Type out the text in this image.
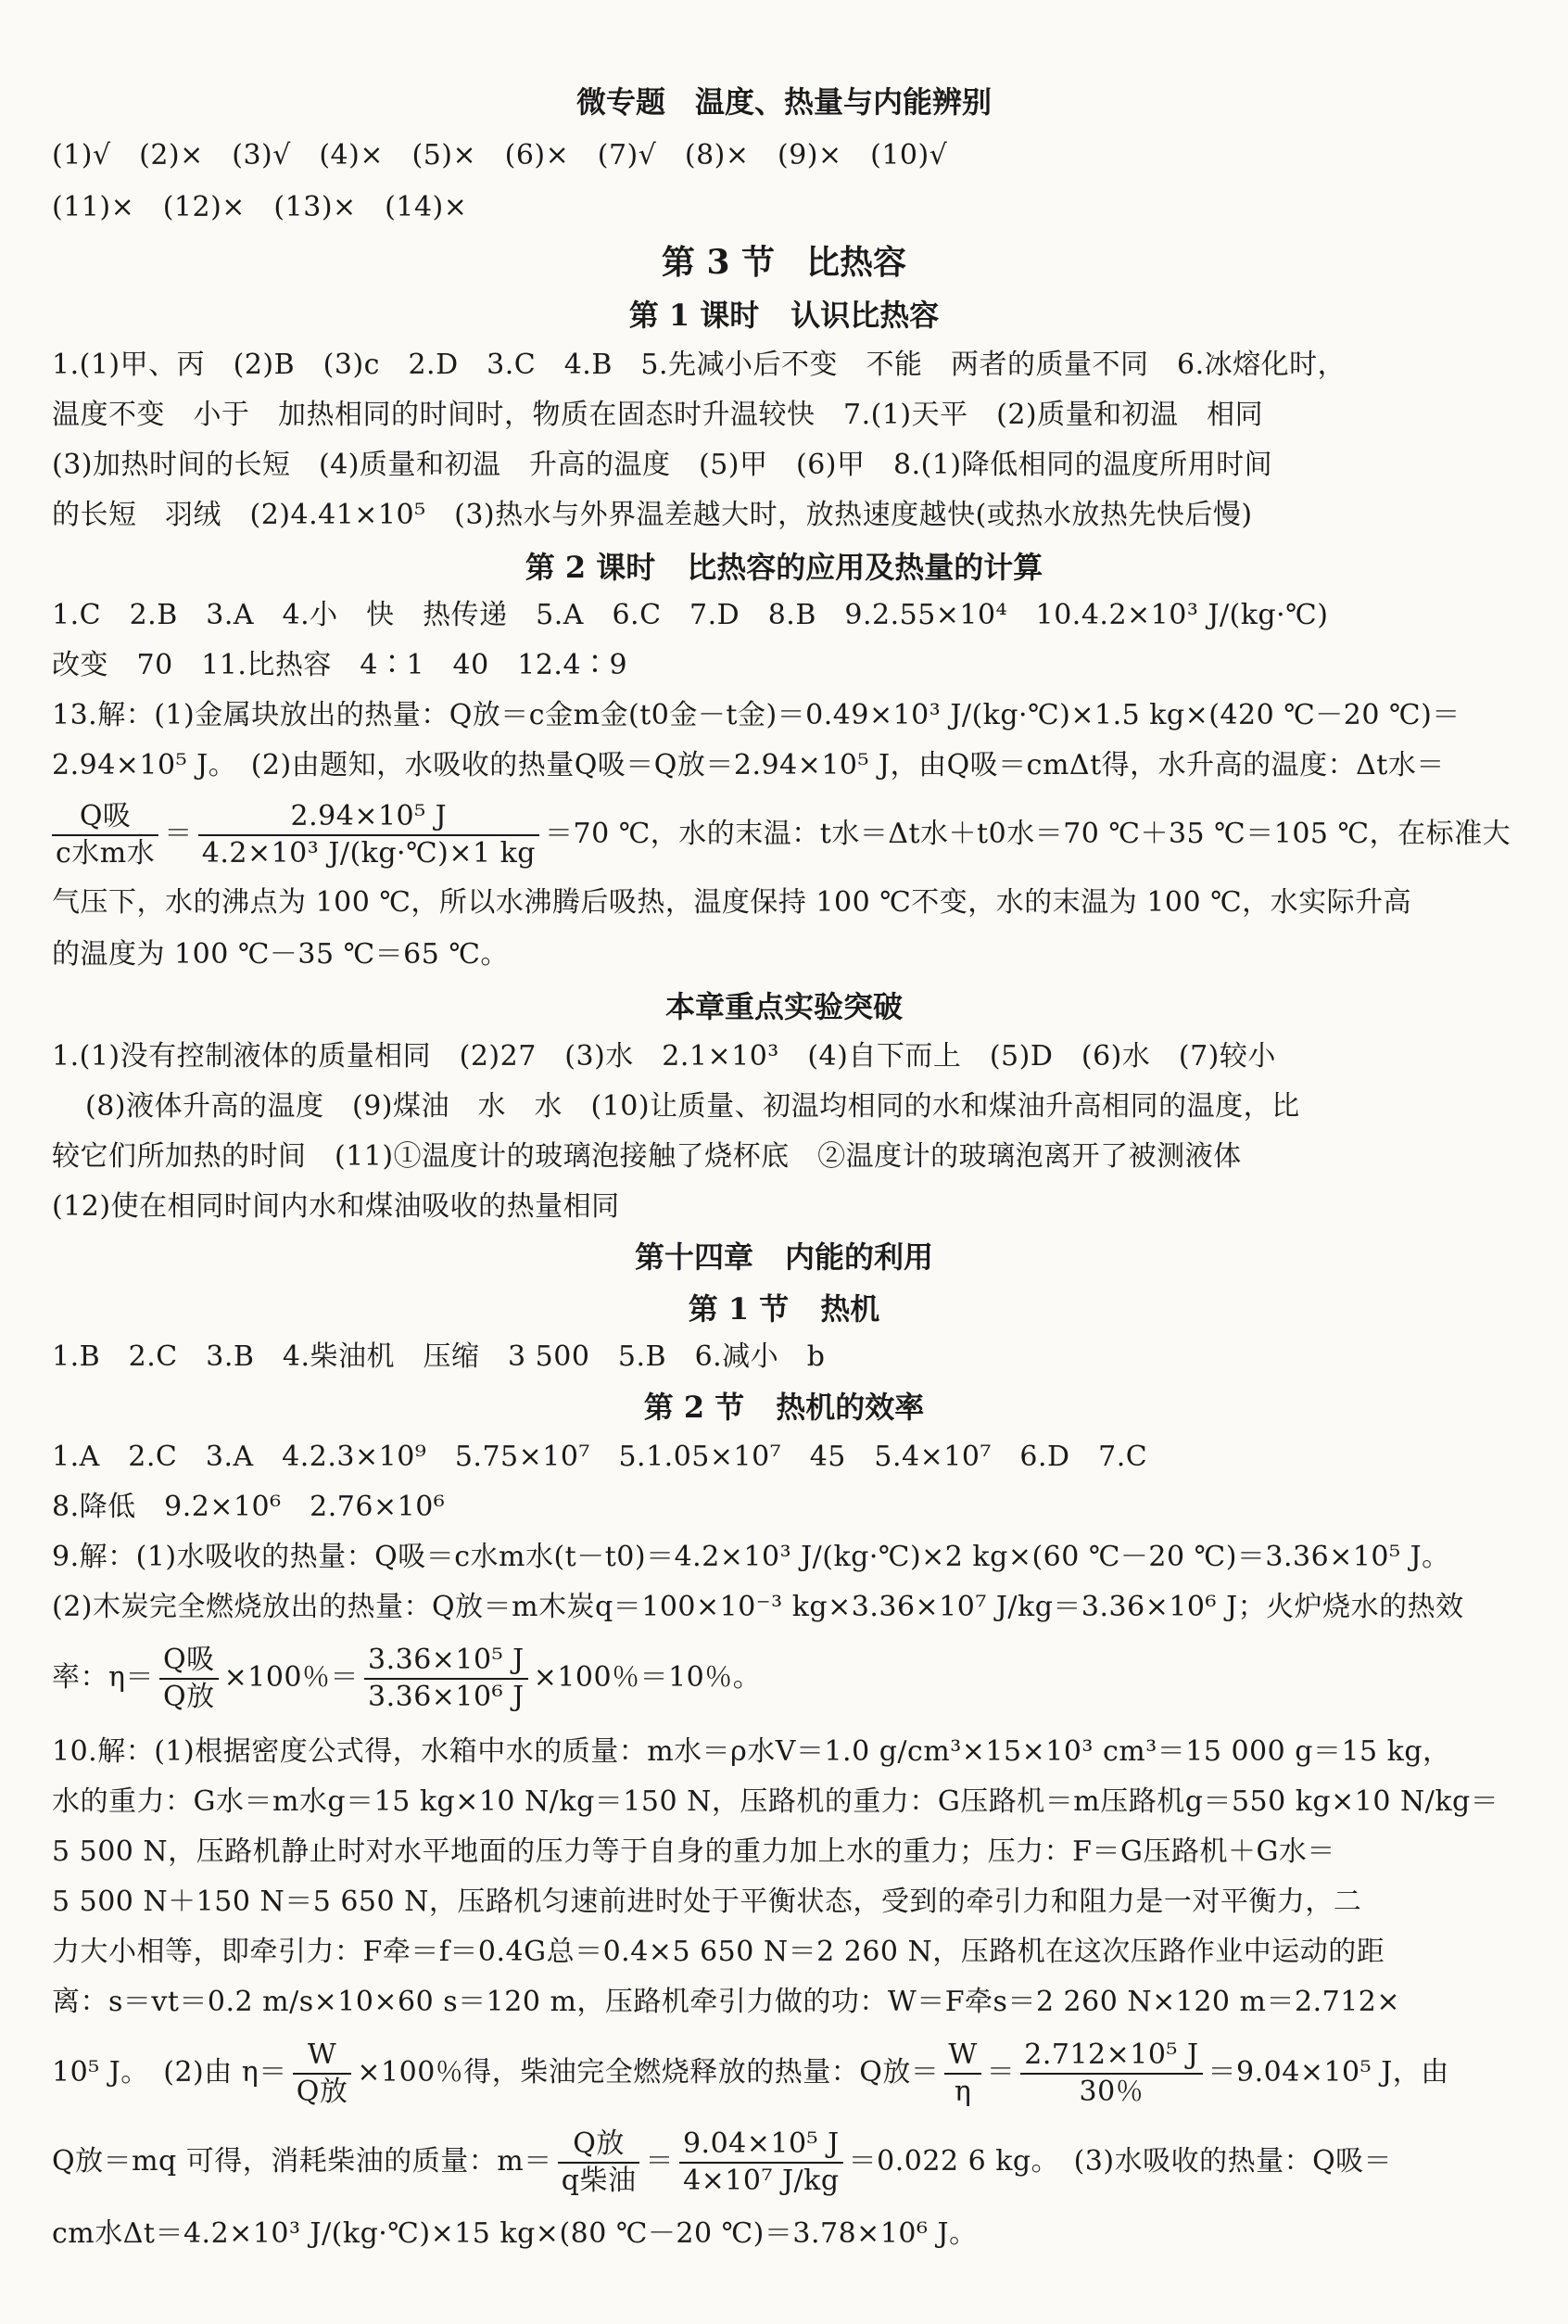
微专题　温度、热量与内能辨别
(1)√　(2)×　(3)√　(4)×　(5)×　(6)×　(7)√　(8)×　(9)×　(10)√
(11)×　(12)×　(13)×　(14)×
第 3 节 比热容
第 1 课时 认识比热容
1.(1)甲、丙　(2)B　(3)c　2.D　3.C　4.B　5.先减小后不变　不能　两者的质量不同　6.冰熔化时，
温度不变　小于　加热相同的时间时，物质在固态时升温较快　7.(1)天平　(2)质量和初温　相同
(3)加热时间的长短　(4)质量和初温　升高的温度　(5)甲　(6)甲　8.(1)降低相同的温度所用时间
的长短　羽绒　(2)4.41×10⁵　(3)热水与外界温差越大时，放热速度越快(或热水放热先快后慢)
第 2 课时 比热容的应用及热量的计算
1.C　2.B　3.A　4.小　快　热传递　5.A　6.C　7.D　8.B　9.2.55×10⁴　10.4.2×10³ J/(kg·℃)
改变　70　11.比热容　4∶1　40　12.4∶9
13.解：(1)金属块放出的热量：Q放＝c金m金(t0金－t金)＝0.49×10³ J/(kg·℃)×1.5 kg×(420 ℃－20 ℃)＝
2.94×10⁵ J。　(2)由题知，水吸收的热量Q吸＝Q放＝2.94×10⁵ J，由Q吸＝cmΔt得，水升高的温度：Δt水＝
$\frac{\text{Q吸}}{\text{c水m水}} = \frac{\text{2.94×10⁵ J}}{\text{4.2×10³ J/(kg·℃)×1 kg}} =70$ ℃，水的末温：t水＝Δt水＋t0水＝70 ℃＋35 ℃＝105 ℃，在标准大
气压下，水的沸点为 100 ℃，所以水沸腾后吸热，温度保持 100 ℃不变，水的末温为 100 ℃，水实际升高
的温度为 100 ℃－35 ℃＝65 ℃。
本章重点实验突破
1.(1)没有控制液体的质量相同　(2)27　(3)水　2.1×10³　(4)自下而上　(5)D　(6)水　(7)较小
(8)液体升高的温度　(9)煤油　水　水　(10)让质量、初温均相同的水和煤油升高相同的温度，比
较它们所加热的时间　(11)①温度计的玻璃泡接触了烧杯底　②温度计的玻璃泡离开了被测液体
(12)使在相同时间内水和煤油吸收的热量相同
第十四章 内能的利用
第 1 节 热机
1.B　2.C　3.B　4.柴油机　压缩　3 500　5.B　6.减小　b
第 2 节 热机的效率
1.A　2.C　3.A　4.2.3×10⁹　5.75×10⁷　5.1.05×10⁷　45　5.4×10⁷　6.D　7.C
8.降低　9.2×10⁶　2.76×10⁶
9.解：(1)水吸收的热量：Q吸＝c水m水(t－t0)＝4.2×10³ J/(kg·℃)×2 kg×(60 ℃－20 ℃)＝3.36×10⁵ J。
(2)木炭完全燃烧放出的热量：Q放＝m木炭q＝100×10⁻³ kg×3.36×10⁷ J/kg＝3.36×10⁶ J；火炉烧水的热效
率：$\eta= \frac{\text{Q吸}}{\text{Q放}} \times 100$％＝ $\frac{\text{3.36×10⁵ J}}{\text{3.36×10⁶ J}} \times 100$％＝10％。
10.解：(1)根据密度公式得，水箱中水的质量：m水＝ρ水V＝1.0 g/cm³×15×10³ cm³＝15 000 g＝15 kg，
水的重力：G水＝m水g＝15 kg×10 N/kg＝150 N，压路机的重力：G压路机＝m压路机g＝550 kg×10 N/kg＝
5 500 N，压路机静止时对水平地面的压力等于自身的重力加上水的重力；压力：F＝G压路机＋G水＝
5 500 N＋150 N＝5 650 N，压路机匀速前进时处于平衡状态，受到的牵引力和阻力是一对平衡力，二
力大小相等，即牵引力：F牵＝f＝0.4G总＝0.4×5 650 N＝2 260 N，压路机在这次压路作业中运动的距
离：s＝vt＝0.2 m/s×10×60 s＝120 m，压路机牵引力做的功：W＝F牵s＝2 260 N×120 m＝2.712×
10⁵ J。　(2)由 $\eta= \frac{W}{\text{Q放}} \times 100$％得，柴油完全燃烧释放的热量：Q放＝ $\frac{W}{\eta} = \frac{\text{2.712×10⁵ J}}{30\%} =9.04\times 10^5$ J，由
Q放＝mq 可得，消耗柴油的质量：$m= \frac{\text{Q放}}{\text{q柴油}} = \frac{\text{9.04×10⁵ J}}{\text{4×10⁷ J/kg}} =0.022$ 6 kg。　(3)水吸收的热量：Q吸＝
cm水Δt＝4.2×10³ J/(kg·℃)×15 kg×(80 ℃－20 ℃)＝3.78×10⁶ J。
